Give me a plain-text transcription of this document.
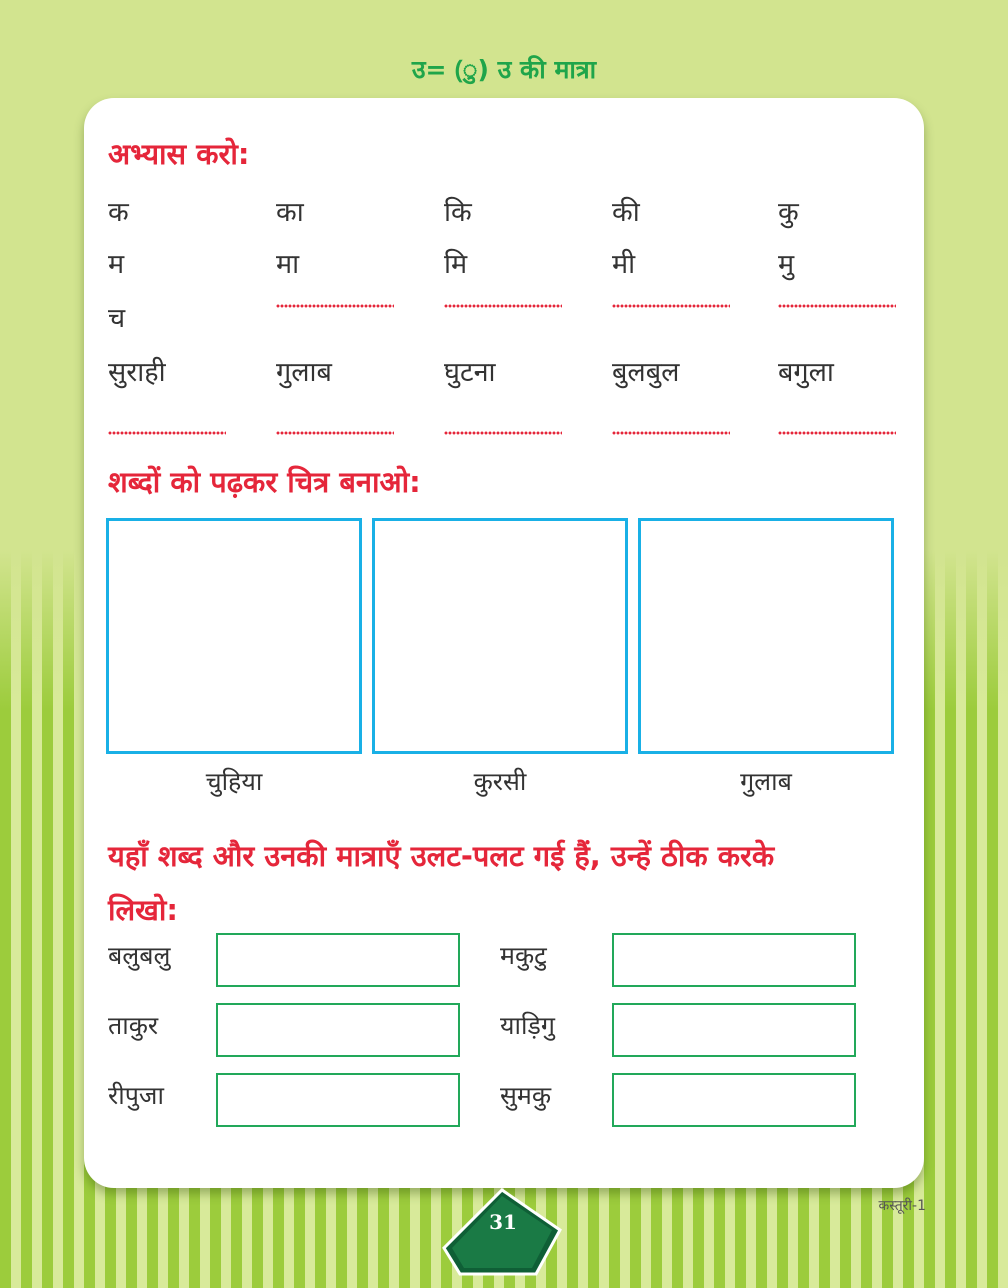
उ= (ु) उ की मात्रा
अभ्यास करो:
क	का	कि	की	कु
म	मा	मि	मी	मु
च
सुराही	गुलाब	घुटना	बुलबुल	बगुला
शब्दों को पढ़कर चित्र बनाओ:
चुहिया	कुरसी	गुलाब
यहाँ शब्द और उनकी मात्राएँ उलट-पलट गई हैं, उन्हें ठीक करके
लिखो:
बलुबलु	मकुटु
ताकुर	याड़िगु
रीपुजा	सुमकु
31
कस्तूरी-1
